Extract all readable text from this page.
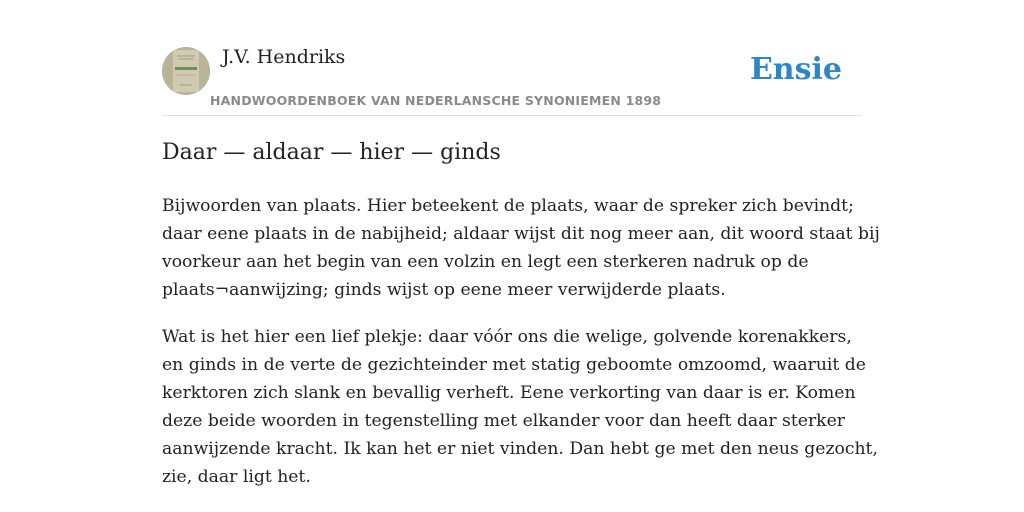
J.V. Hendriks
HANDWOORDENBOEK VAN NEDERLANSCHE SYNONIEMEN 1898
Ensie
Daar — aldaar — hier — ginds

Bijwoorden van plaats. Hier beteekent de plaats, waar de spreker zich bevindt;
daar eene plaats in de nabijheid; aldaar wijst dit nog meer aan, dit woord staat bij
voorkeur aan het begin van een volzin en legt een sterkeren nadruk op de
plaats¬aanwijzing; ginds wijst op eene meer verwijderde plaats.

Wat is het hier een lief plekje: daar vóór ons die welige, golvende korenakkers,
en ginds in de verte de gezichteinder met statig geboomte omzoomd, waaruit de
kerktoren zich slank en bevallig verheft. Eene verkorting van daar is er. Komen
deze beide woorden in tegenstelling met elkander voor dan heeft daar sterker
aanwijzende kracht. Ik kan het er niet vinden. Dan hebt ge met den neus gezocht,
zie, daar ligt het.
